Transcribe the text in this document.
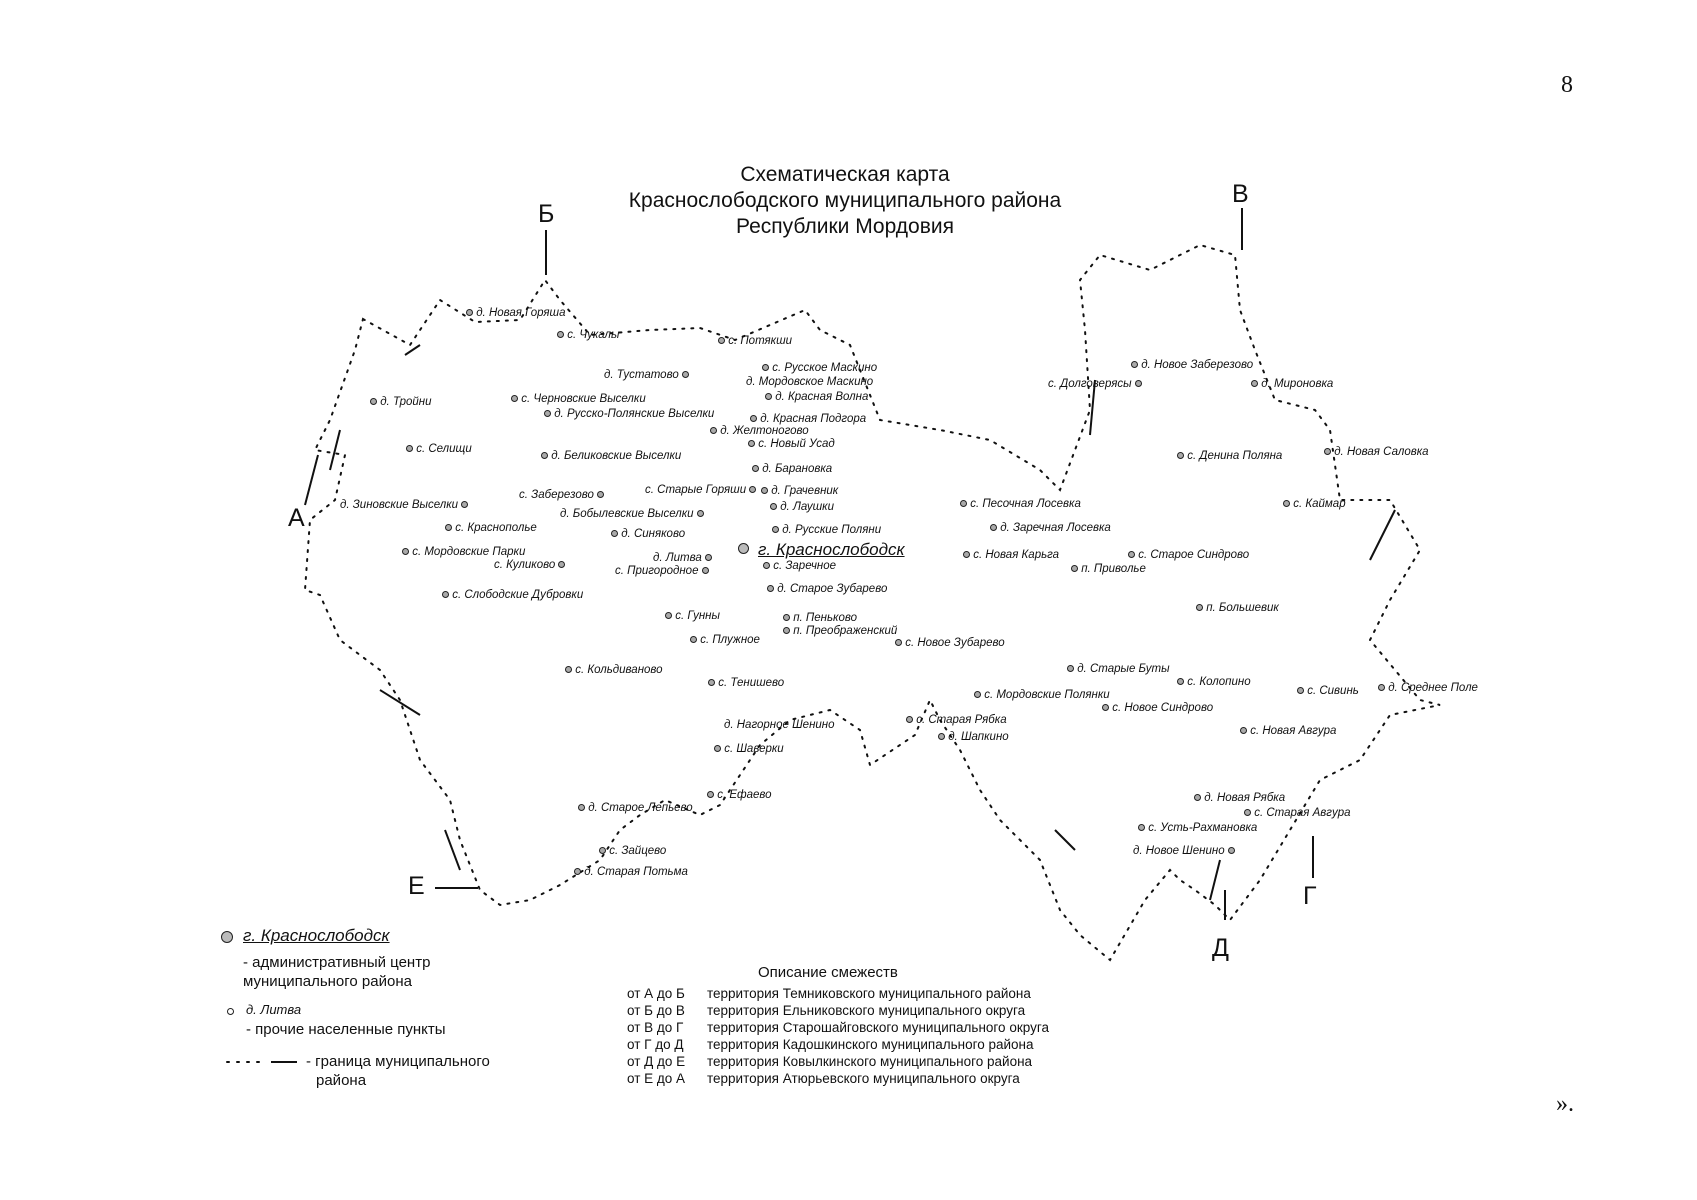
8
Схематическая карта
Краснослободского муниципального района
Республики Мордовия
А
Б
В
Г
Д
Е
г. Краснослободск
д. Новая Горяша
с. Чукалы	с. Потякши
д. Тустатово
с. Русское Маскино
д. Мордовское Маскино
д. Красная Волна
д. Тройни	с. Черновские Выселки
д. Русско-Полянские Выселки	д. Красная Подгора
д. Желтоногово
с. Новый Усад
с. Селищи
д. Беликовские Выселки
д. Барановка
с. Заберезово	с. Старые Горяши	д. Грачевник
д. Зиновские Выселки
д. Бобылевские Выселки
д. Лаушки
с. Краснополье	д. Русские Поляни
д. Синяково
с. Мордовские Парки	д. Литва
с. Куликово	с. Пригородное	с. Заречное
д. Старое Зубарево
с. Слободские Дубровки
с. Гунны	п. Пеньково
п. Преображенский
с. Плужное	с. Новое Зубарево
с. Кольдиваново
с. Тенишево
д. Нагорное Шенино
с. Шаверки
с. Старая Рябка
д. Шапкино
с. Ефаево
д. Старое Лепьево
с. Зайцево
д. Старая Потьма
д. Новое Заберезово
с. Долговерясы	д. Мироновка
с. Денина Поляна	д. Новая Саловка
с. Песочная Лосевка	с. Каймар
д. Заречная Лосевка
с. Новая Карьга
п. Приволье
с. Старое Синдрово
п. Большевик
д. Старые Буты
с. Колопино
с. Мордовские Полянки
с. Новое Синдрово
с. Сивинь	д. Среднее Поле
с. Новая Авгура
д. Новая Рябка
с. Старая Авгура
с. Усть-Рахмановка
д. Новое Шенино
г. Краснослободск
- административный центр
муниципального района
д. Литва
- прочие населенные пункты
- граница муниципального
района
Описание смежеств
от А до Б территория Темниковского муниципального района
от Б до В территория Ельниковского муниципального округа
от В до Г территория Старошайговского муниципального округа
от Г до Д территория Кадошкинского муниципального района
от Д до Е территория Ковылкинского муниципального района
от Е до А территория Атюрьевского муниципального округа
».
